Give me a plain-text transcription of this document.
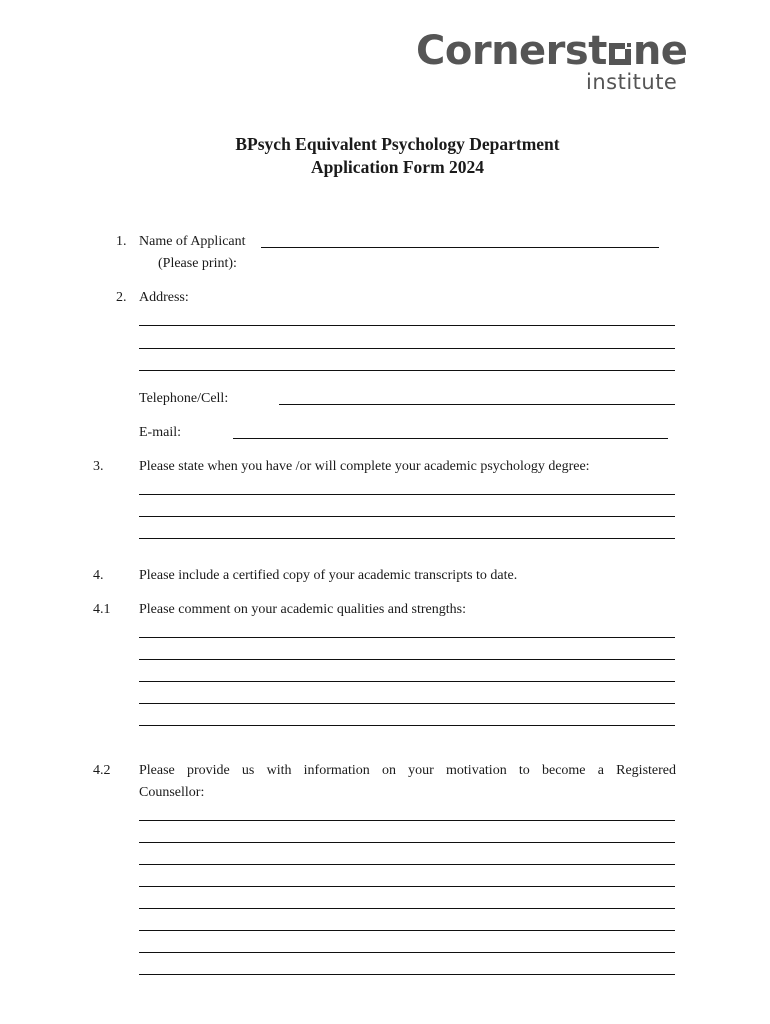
Cornerst ne
institute
BPsych Equivalent Psychology Department
Application Form 2024
1. Name of Applicant
(Please print):
2. Address:
Telephone/Cell:
E-mail:
3.	Please state when you have /or will complete your academic psychology degree:
4.	Please include a certified copy of your academic transcripts to date.
4.1 Please comment on your academic qualities and strengths:
4.2 Please provide us with information on your motivation to become a Registered
Counsellor:
